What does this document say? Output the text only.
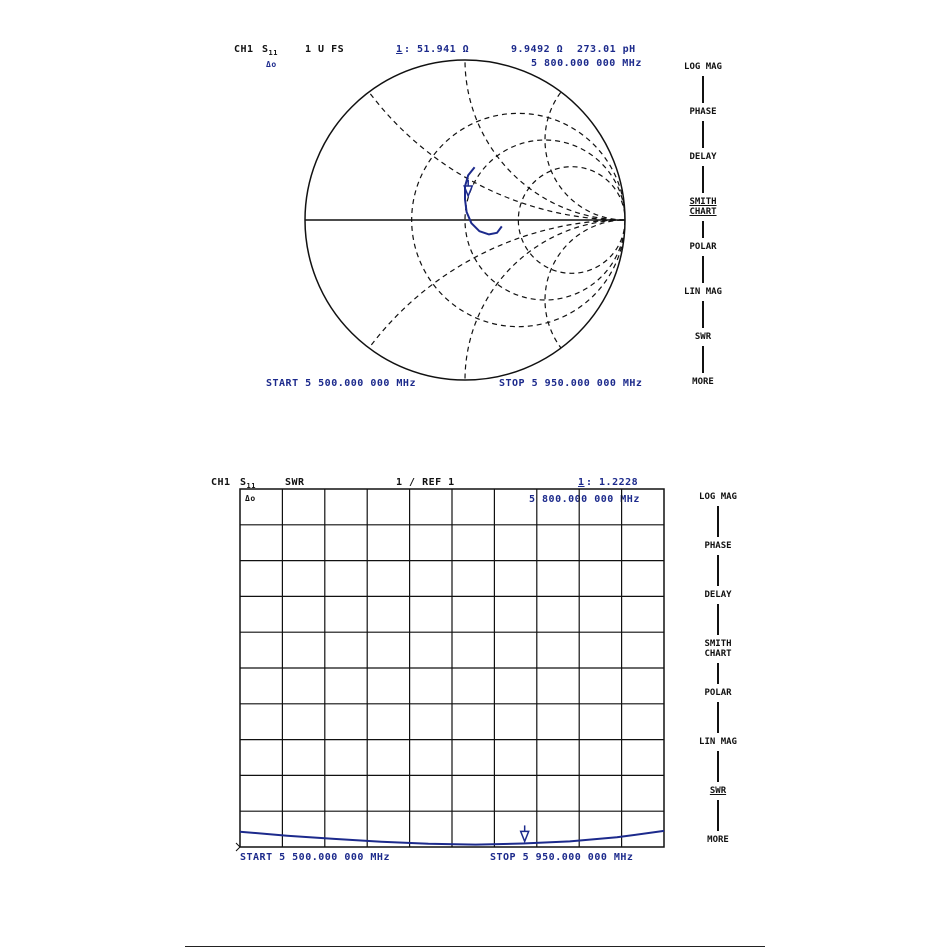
CH1 $S_{11}$	1 U FS
Δo
1 : 51.941 Ω	9.9492 Ω 273.01 pH
5 800.000 000 MHz
START 5 500.000 000 MHz	STOP 5 950.000 000 MHz
LOG MAG
PHASE
DELAY
SMITH
CHART
POLAR
LIN MAG
SWR
MORE
CH1 $S_{11}$	SWR	1 / REF 1	1 : 1.2228
Δo	5 800.000 000 MHz
START 5 500.000 000 MHz	STOP 5 950.000 000 MHz
LOG MAG
PHASE
DELAY
SMITH
CHART
POLAR
LIN MAG
SWR
MORE
